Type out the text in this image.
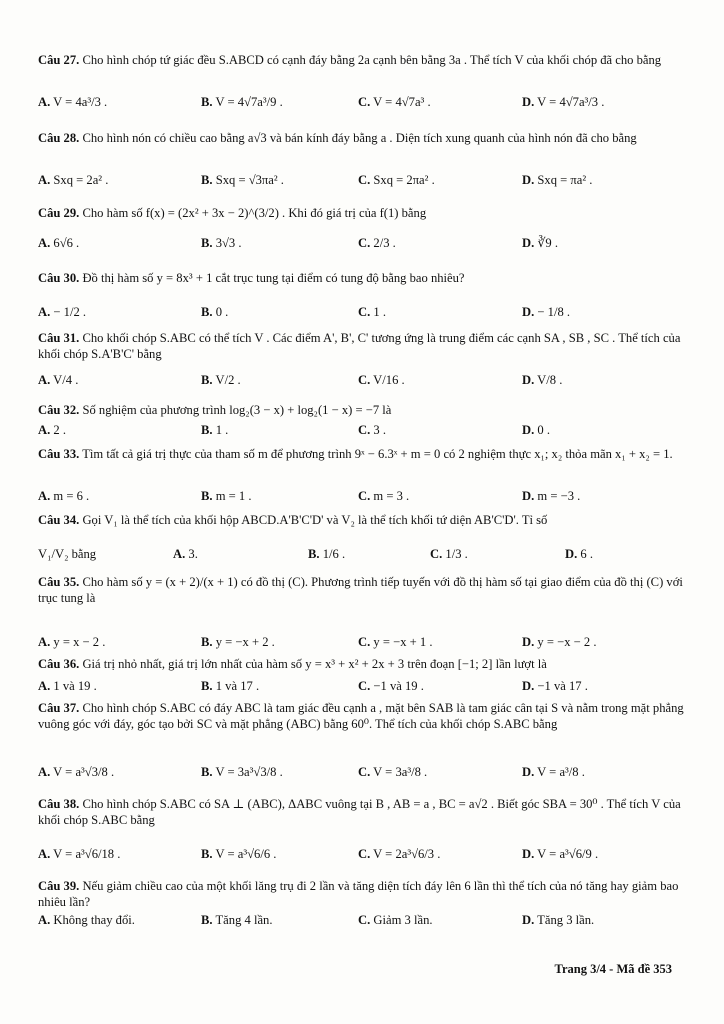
Câu 27. Cho hình chóp tứ giác đều S.ABCD có cạnh đáy bằng 2a cạnh bên bằng 3a . Thể tích V của khối chóp đã cho bằng
A. V = 4a³/3 .	B. V = 4√7a³/9 .	C. V = 4√7a³ .	D. V = 4√7a³/3 .
Câu 28. Cho hình nón có chiều cao bằng a√3 và bán kính đáy bằng a . Diện tích xung quanh của hình nón đã cho bằng
A. Sxq = 2a² .	B. Sxq = √3πa² .	C. Sxq = 2πa² .	D. Sxq = πa² .
Câu 29. Cho hàm số f(x) = (2x² + 3x − 2)^(3/2) . Khi đó giá trị của f(1) bằng
A. 6√6 .	B. 3√3 .	C. 2/3 .	D. ∛9 .
Câu 30. Đồ thị hàm số y = 8x³ + 1 cắt trục tung tại điểm có tung độ bằng bao nhiêu?
A. − 1/2 .	B. 0 .	C. 1 .	D. − 1/8 .
Câu 31. Cho khối chóp S.ABC có thể tích V . Các điểm A', B', C' tương ứng là trung điểm các cạnh SA , SB , SC . Thể tích của khối chóp S.A'B'C' bằng
A. V/4 .	B. V/2 .	C. V/16 .	D. V/8 .
Câu 32. Số nghiệm của phương trình log₂(3 − x) + log₂(1 − x) = −7 là
A. 2 .	B. 1 .	C. 3 .	D. 0 .
Câu 33. Tìm tất cả giá trị thực của tham số m để phương trình 9ˣ − 6.3ˣ + m = 0 có 2 nghiệm thực x₁; x₂ thỏa mãn x₁ + x₂ = 1.
A. m = 6 .	B. m = 1 .	C. m = 3 .	D. m = −3 .
Câu 34. Gọi V₁ là thể tích của khối hộp ABCD.A'B'C'D' và V₂ là thể tích khối tứ diện AB'C'D'. Tỉ số
V₁/V₂ bằng	A. 3.	B. 1/6 .	C. 1/3 .	D. 6 .
Câu 35. Cho hàm số y = (x + 2)/(x + 1) có đồ thị (C). Phương trình tiếp tuyến với đồ thị hàm số tại giao điểm của đồ thị (C) với trục tung là
A. y = x − 2 .	B. y = −x + 2 .	C. y = −x + 1 .	D. y = −x − 2 .
Câu 36. Giá trị nhỏ nhất, giá trị lớn nhất của hàm số y = x³ + x² + 2x + 3 trên đoạn [−1; 2] lần lượt là
A. 1 và 19 .	B. 1 và 17 .	C. −1 và 19 .	D. −1 và 17 .
Câu 37. Cho hình chóp S.ABC có đáy ABC là tam giác đều cạnh a , mặt bên SAB là tam giác cân tại S và nằm trong mặt phẳng vuông góc với đáy, góc tạo bởi SC và mặt phẳng (ABC) bằng 60⁰. Thể tích của khối chóp S.ABC bằng
A. V = a³√3/8 .	B. V = 3a³√3/8 .	C. V = 3a³/8 .	D. V = a³/8 .
Câu 38. Cho hình chóp S.ABC có SA ⊥ (ABC), ΔABC vuông tại B , AB = a , BC = a√2 . Biết góc SBA = 30⁰ . Thể tích V của khối chóp S.ABC bằng
A. V = a³√6/18 .	B. V = a³√6/6 .	C. V = 2a³√6/3 .	D. V = a³√6/9 .
Câu 39. Nếu giảm chiều cao của một khối lăng trụ đi 2 lần và tăng diện tích đáy lên 6 lần thì thể tích của nó tăng hay giảm bao nhiêu lần?
A. Không thay đổi.	B. Tăng 4 lần.	C. Giảm 3 lần.	D. Tăng 3 lần.
Trang 3/4 - Mã đề 353
